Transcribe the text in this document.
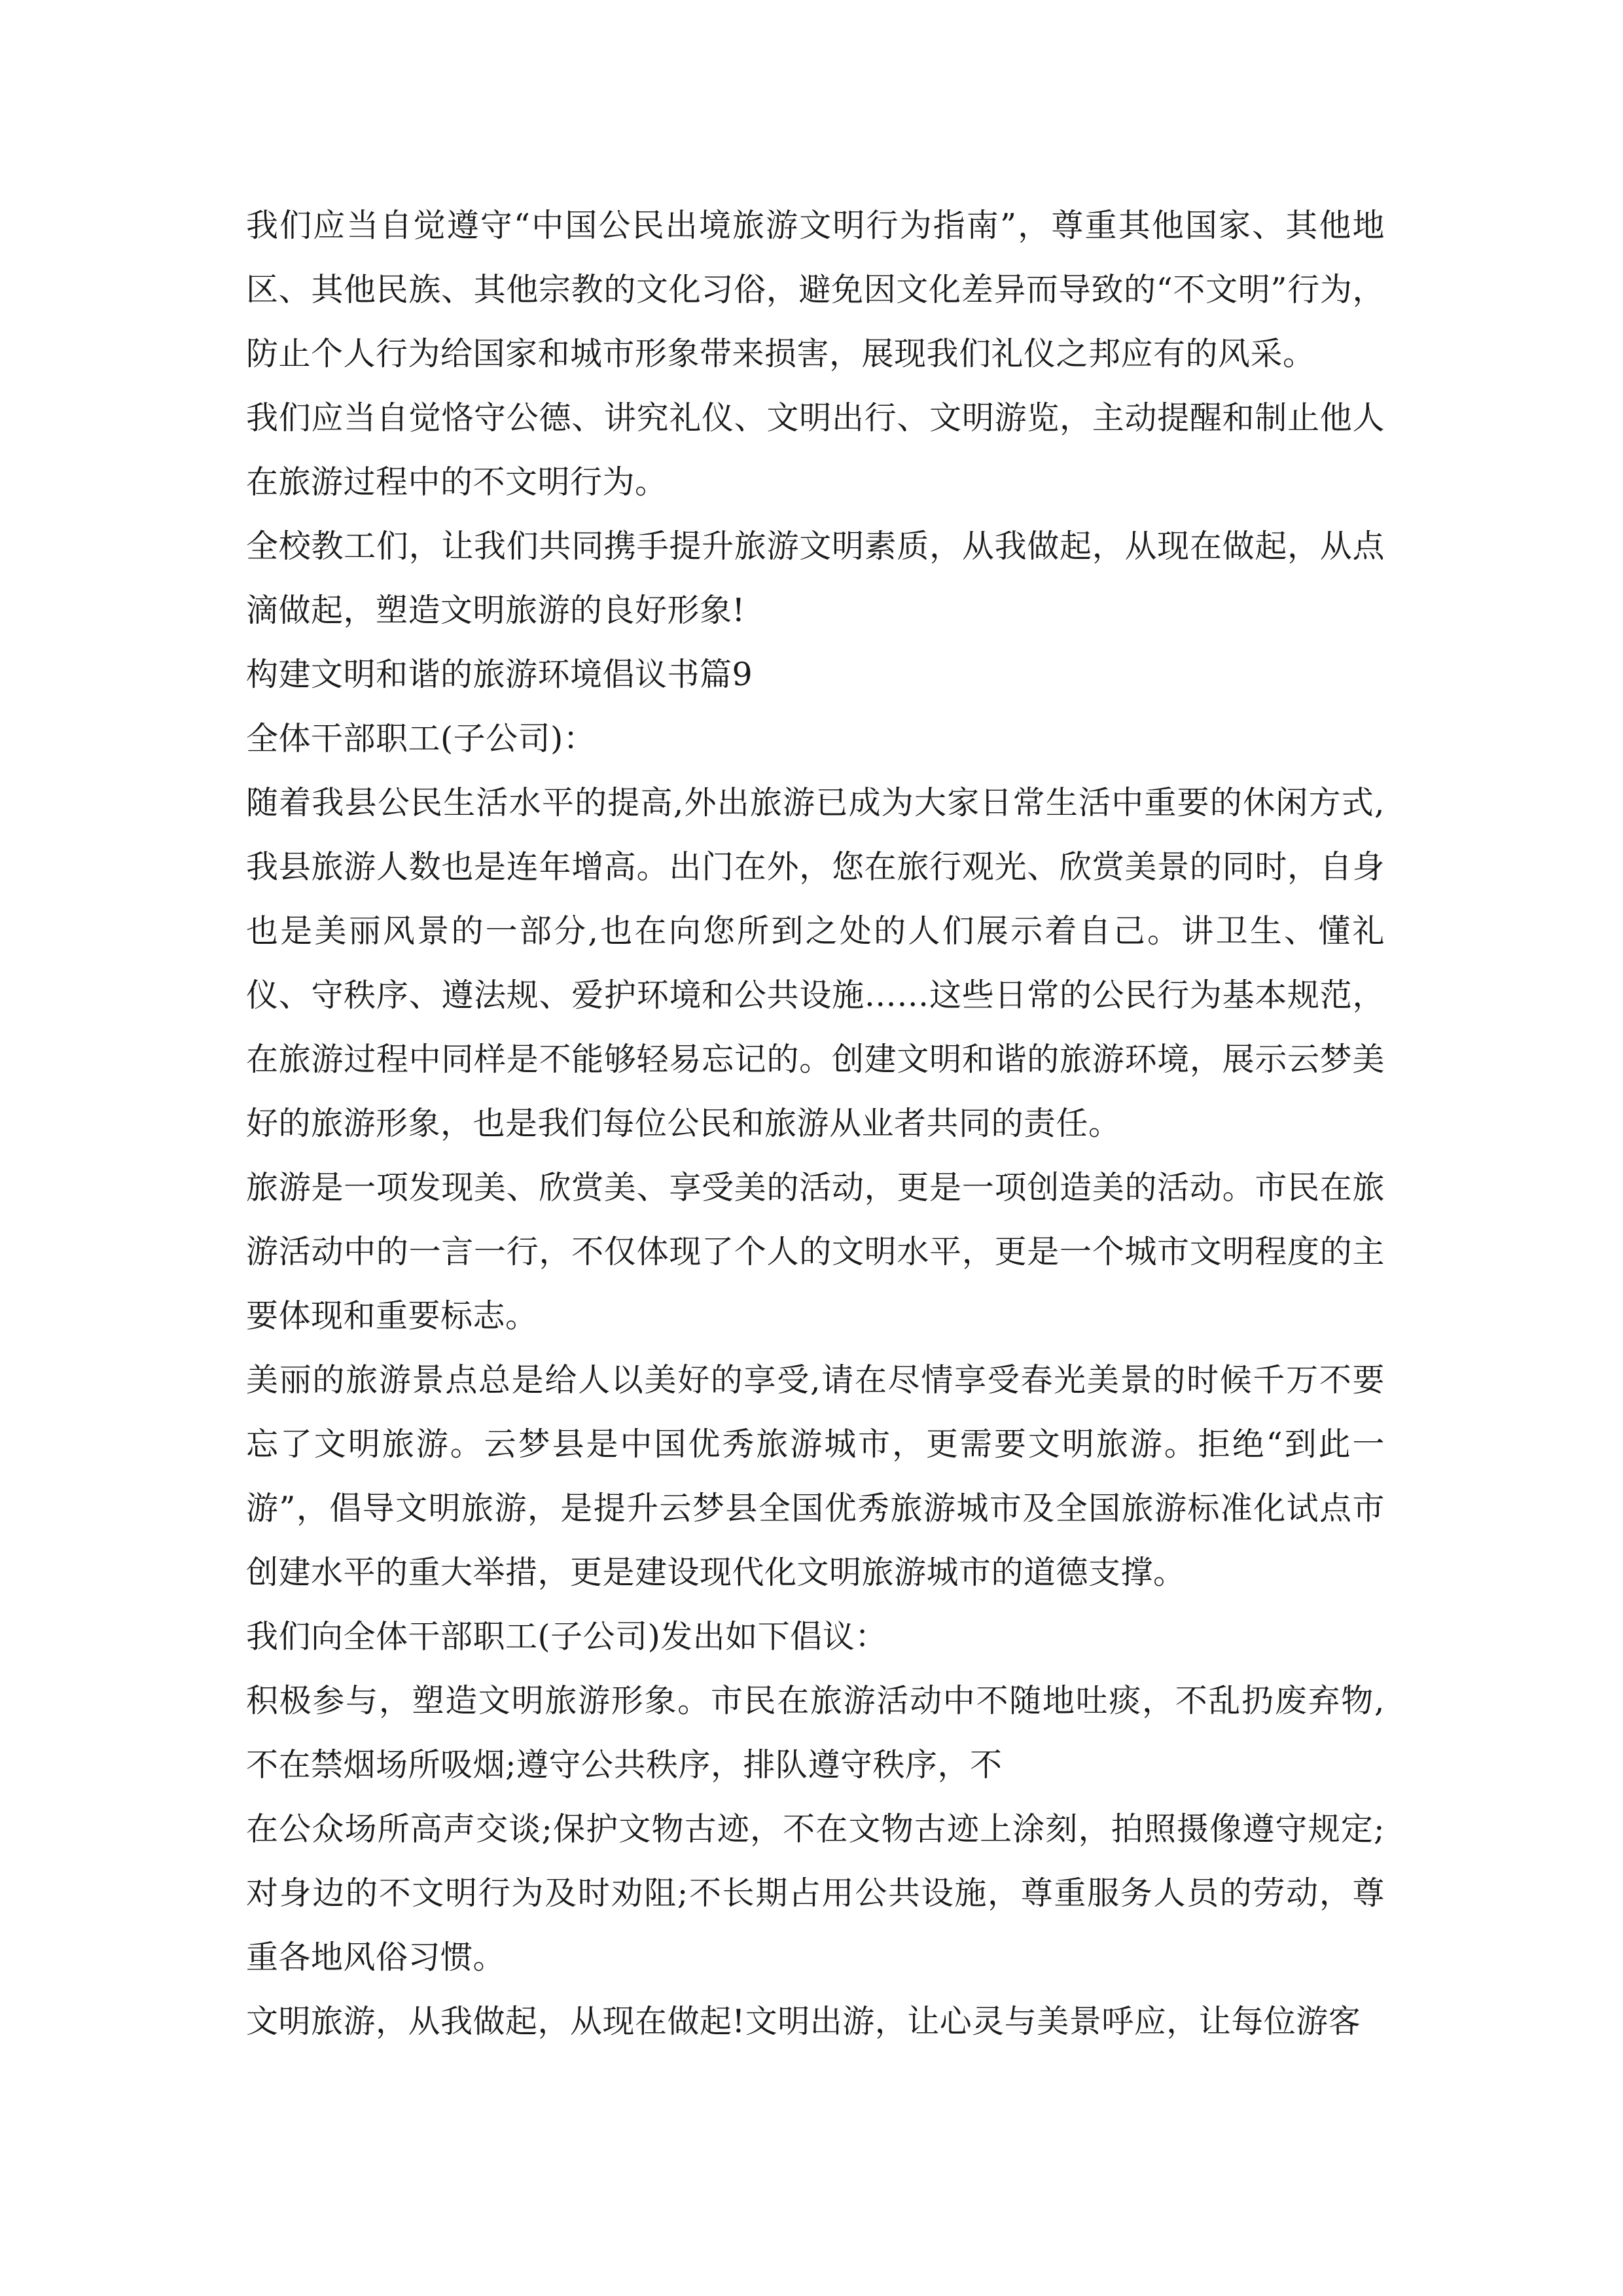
我们应当自觉遵守“中国公民出境旅游文明行为指南”，尊重其他国家、其他地区、其他民族、其他宗教的文化习俗，避免因文化差异而导致的“不文明”行为，防止个人行为给国家和城市形象带来损害，展现我们礼仪之邦应有的风采。

我们应当自觉恪守公德、讲究礼仪、文明出行、文明游览，主动提醒和制止他人在旅游过程中的不文明行为。

全校教工们，让我们共同携手提升旅游文明素质，从我做起，从现在做起，从点滴做起，塑造文明旅游的良好形象!

构建文明和谐的旅游环境倡议书篇9

全体干部职工(子公司)：

随着我县公民生活水平的提高,外出旅游已成为大家日常生活中重要的休闲方式,我县旅游人数也是连年增高。出门在外，您在旅行观光、欣赏美景的同时，自身也是美丽风景的一部分,也在向您所到之处的人们展示着自己。讲卫生、懂礼仪、守秩序、遵法规、爱护环境和公共设施……这些日常的公民行为基本规范，在旅游过程中同样是不能够轻易忘记的。创建文明和谐的旅游环境，展示云梦美好的旅游形象，也是我们每位公民和旅游从业者共同的责任。

旅游是一项发现美、欣赏美、享受美的活动，更是一项创造美的活动。市民在旅游活动中的一言一行，不仅体现了个人的文明水平，更是一个城市文明程度的主要体现和重要标志。

美丽的旅游景点总是给人以美好的享受,请在尽情享受春光美景的时候千万不要忘了文明旅游。云梦县是中国优秀旅游城市，更需要文明旅游。拒绝“到此一游”，倡导文明旅游，是提升云梦县全国优秀旅游城市及全国旅游标准化试点市创建水平的重大举措，更是建设现代化文明旅游城市的道德支撑。

我们向全体干部职工(子公司)发出如下倡议：

积极参与，塑造文明旅游形象。市民在旅游活动中不随地吐痰，不乱扔废弃物,不在禁烟场所吸烟;遵守公共秩序，排队遵守秩序，不

在公众场所高声交谈;保护文物古迹，不在文物古迹上涂刻，拍照摄像遵守规定;对身边的不文明行为及时劝阻;不长期占用公共设施，尊重服务人员的劳动，尊重各地风俗习惯。

文明旅游，从我做起，从现在做起!文明出游，让心灵与美景呼应，让每位游客
